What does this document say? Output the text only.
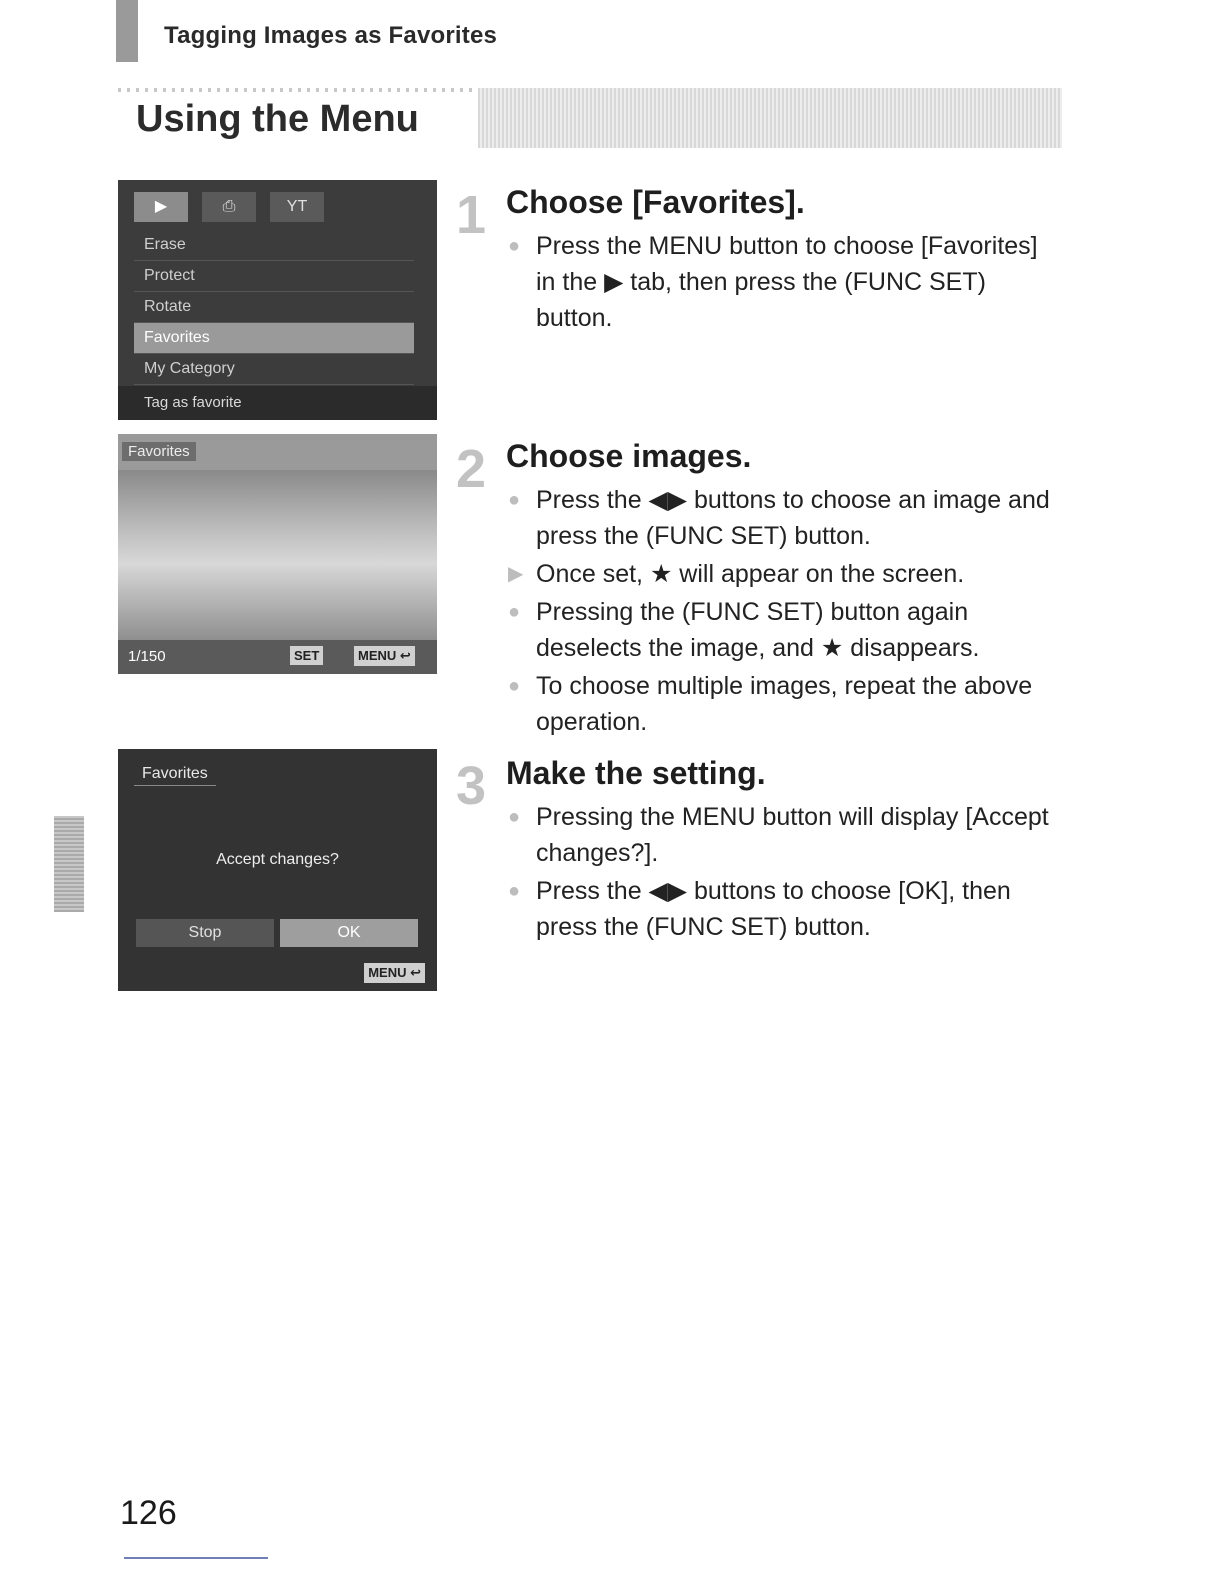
Tagging Images as Favorites
Using the Menu
▶	⎙	YT
Erase
Protect
Rotate
Favorites
My Category
Tag as favorite
Favorites
1/150	SET	MENU ↩
Favorites
Accept changes?
Stop	OK
MENU ↩
1 Choose [Favorites].
● Press the MENU button to choose [Favorites] in the ▶ tab, then press the (FUNC SET) button.
2 Choose images.
● Press the ◀▶ buttons to choose an image and press the (FUNC SET) button.
▶ Once set, ★ will appear on the screen.
● Pressing the (FUNC SET) button again deselects the image, and ★ disappears.
● To choose multiple images, repeat the above operation.
3 Make the setting.
● Pressing the MENU button will display [Accept changes?].
● Press the ◀▶ buttons to choose [OK], then press the (FUNC SET) button.
126
